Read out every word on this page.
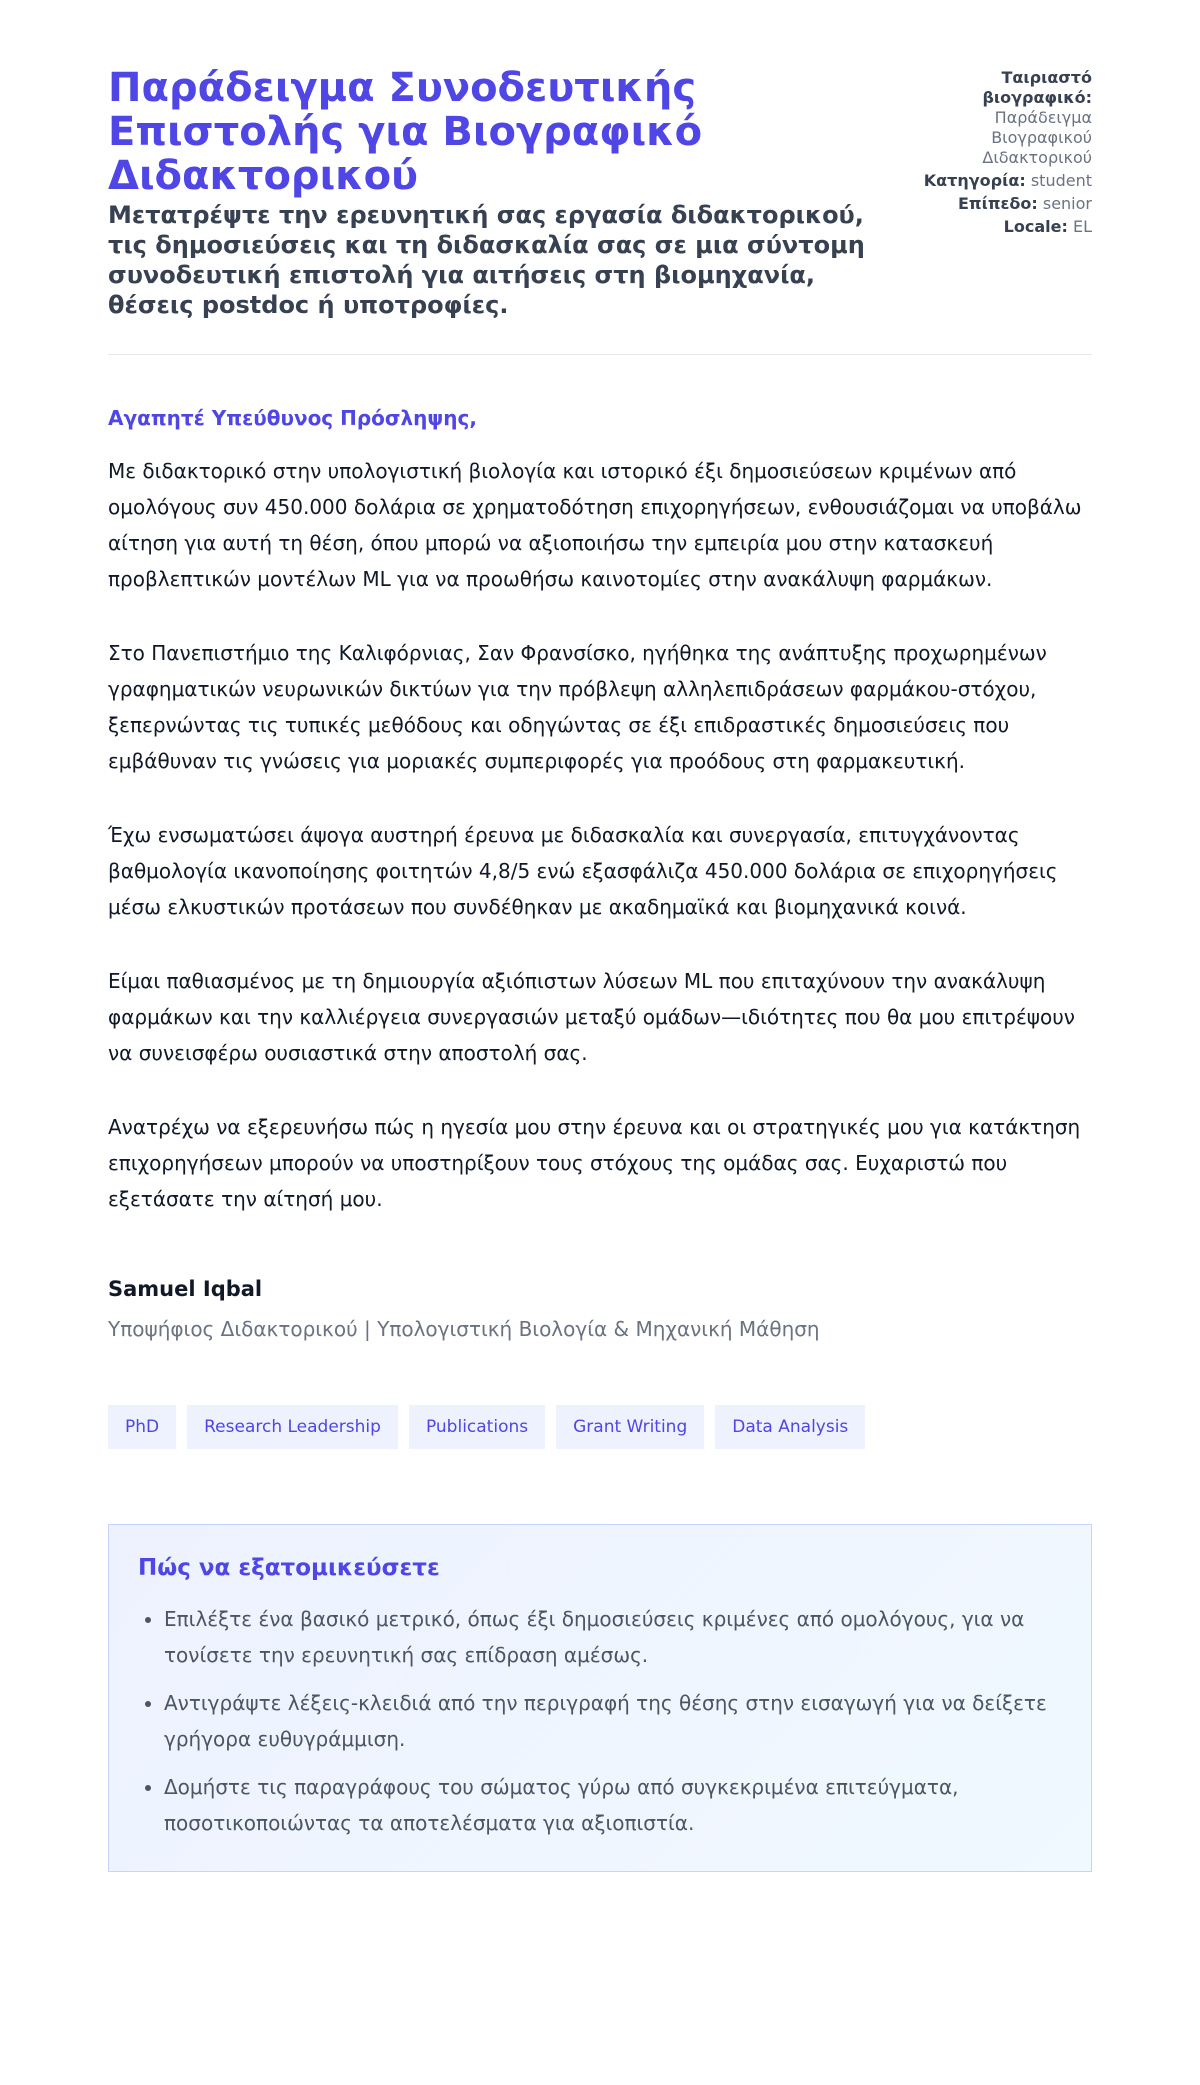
Παράδειγμα Συνοδευτικής Επιστολής για Βιογραφικό Διδακτορικού
Μετατρέψτε την ερευνητική σας εργασία διδακτορικού, τις δημοσιεύσεις και τη διδασκαλία σας σε μια σύντομη συνοδευτική επιστολή για αιτήσεις στη βιομηχανία, θέσεις postdoc ή υποτροφίες.
Ταιριαστό βιογραφικό: Παράδειγμα Βιογραφικού Διδακτορικού
Κατηγορία: student
Επίπεδο: senior
Locale: EL

Αγαπητέ Υπεύθυνος Πρόσληψης,

Με διδακτορικό στην υπολογιστική βιολογία και ιστορικό έξι δημοσιεύσεων κριμένων από ομολόγους συν 450.000 δολάρια σε χρηματοδότηση επιχορηγήσεων, ενθουσιάζομαι να υποβάλω αίτηση για αυτή τη θέση, όπου μπορώ να αξιοποιήσω την εμπειρία μου στην κατασκευή προβλεπτικών μοντέλων ML για να προωθήσω καινοτομίες στην ανακάλυψη φαρμάκων.

Στο Πανεπιστήμιο της Καλιφόρνιας, Σαν Φρανσίσκο, ηγήθηκα της ανάπτυξης προχωρημένων γραφηματικών νευρωνικών δικτύων για την πρόβλεψη αλληλεπιδράσεων φαρμάκου-στόχου, ξεπερνώντας τις τυπικές μεθόδους και οδηγώντας σε έξι επιδραστικές δημοσιεύσεις που εμβάθυναν τις γνώσεις για μοριακές συμπεριφορές για προόδους στη φαρμακευτική.

Έχω ενσωματώσει άψογα αυστηρή έρευνα με διδασκαλία και συνεργασία, επιτυγχάνοντας βαθμολογία ικανοποίησης φοιτητών 4,8/5 ενώ εξασφάλιζα 450.000 δολάρια σε επιχορηγήσεις μέσω ελκυστικών προτάσεων που συνδέθηκαν με ακαδημαϊκά και βιομηχανικά κοινά.

Είμαι παθιασμένος με τη δημιουργία αξιόπιστων λύσεων ML που επιταχύνουν την ανακάλυψη φαρμάκων και την καλλιέργεια συνεργασιών μεταξύ ομάδων—ιδιότητες που θα μου επιτρέψουν να συνεισφέρω ουσιαστικά στην αποστολή σας.

Ανατρέχω να εξερευνήσω πώς η ηγεσία μου στην έρευνα και οι στρατηγικές μου για κατάκτηση επιχορηγήσεων μπορούν να υποστηρίξουν τους στόχους της ομάδας σας. Ευχαριστώ που εξετάσατε την αίτησή μου.

Samuel Iqbal
Υποψήφιος Διδακτορικού | Υπολογιστική Βιολογία & Μηχανική Μάθηση
PhD	Research Leadership	Publications	Grant Writing	Data Analysis
Πώς να εξατομικεύσετε
• Επιλέξτε ένα βασικό μετρικό, όπως έξι δημοσιεύσεις κριμένες από ομολόγους, για να τονίσετε την ερευνητική σας επίδραση αμέσως.
• Αντιγράψτε λέξεις-κλειδιά από την περιγραφή της θέσης στην εισαγωγή για να δείξετε γρήγορα ευθυγράμμιση.
• Δομήστε τις παραγράφους του σώματος γύρω από συγκεκριμένα επιτεύγματα, ποσοτικοποιώντας τα αποτελέσματα για αξιοπιστία.
